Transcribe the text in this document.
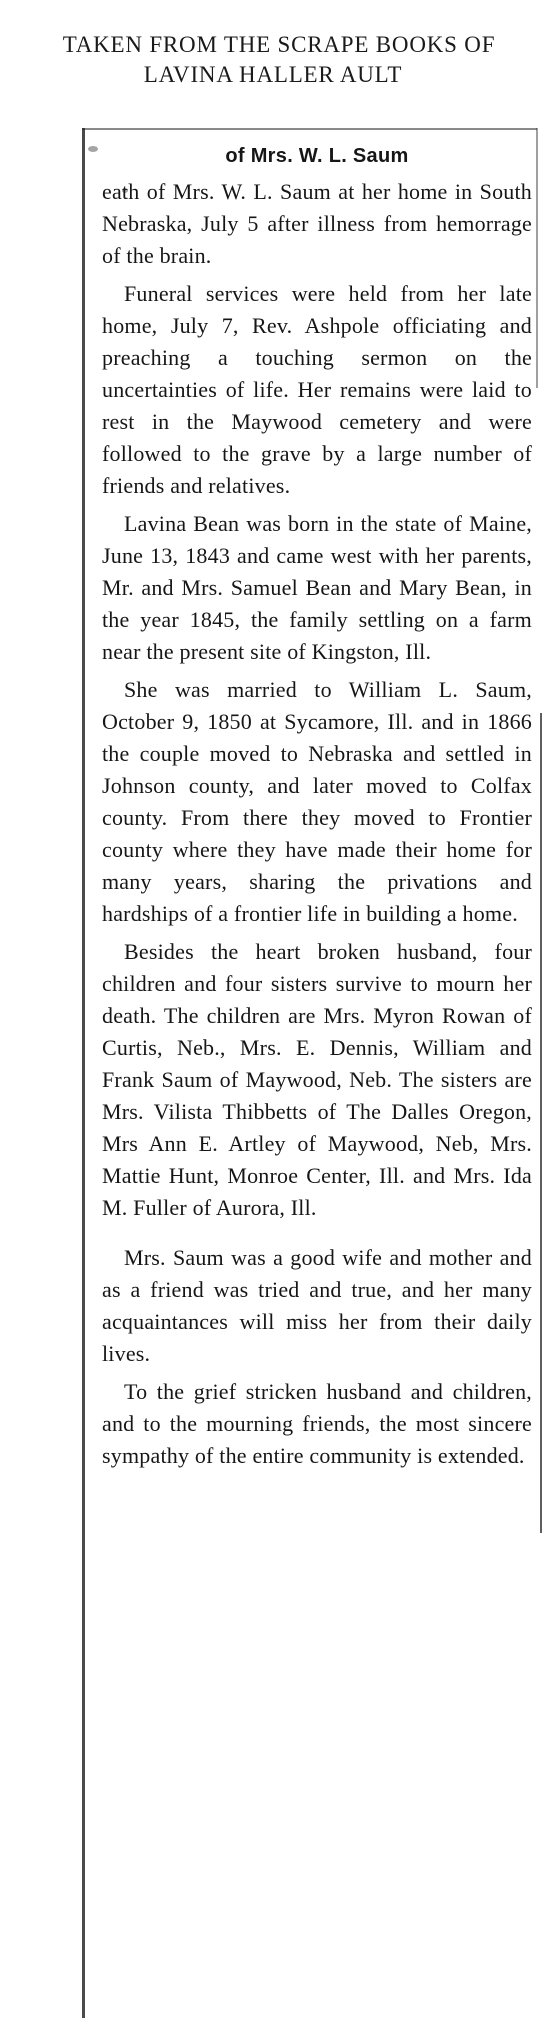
TAKEN FROM THE SCRAPE BOOKS OF
LAVINA HALLER AULT
of Mrs. W. L. Saum

eath of Mrs. W. L. Saum at her home in South Nebraska, July 5 after illness from hemorrage of the brain.

Funeral services were held from her late home, July 7, Rev. Ashpole officiating and preaching a touching sermon on the uncertainties of life. Her remains were laid to rest in the Maywood cemetery and were followed to the grave by a large number of friends and relatives.

Lavina Bean was born in the state of Maine, June 13, 1843 and came west with her parents, Mr. and Mrs. Samuel Bean and Mary Bean, in the year 1845, the family settling on a farm near the present site of Kingston, Ill.

She was married to William L. Saum, October 9, 1850 at Sycamore, Ill. and in 1866 the couple moved to Nebraska and settled in Johnson county, and later moved to Colfax county. From there they moved to Frontier county where they have made their home for many years, sharing the privations and hardships of a frontier life in building a home.

Besides the heart broken husband, four children and four sisters survive to mourn her death. The children are Mrs. Myron Rowan of Curtis, Neb., Mrs. E. Dennis, William and Frank Saum of Maywood, Neb. The sisters are Mrs. Vilista Thibbetts of The Dalles Oregon, Mrs Ann E. Artley of Maywood, Neb, Mrs. Mattie Hunt, Monroe Center, Ill. and Mrs. Ida M. Fuller of Aurora, Ill.

Mrs. Saum was a good wife and mother and as a friend was tried and true, and her many acquaintances will miss her from their daily lives.

To the grief stricken husband and children, and to the mourning friends, the most sincere sympathy of the entire community is extended.
